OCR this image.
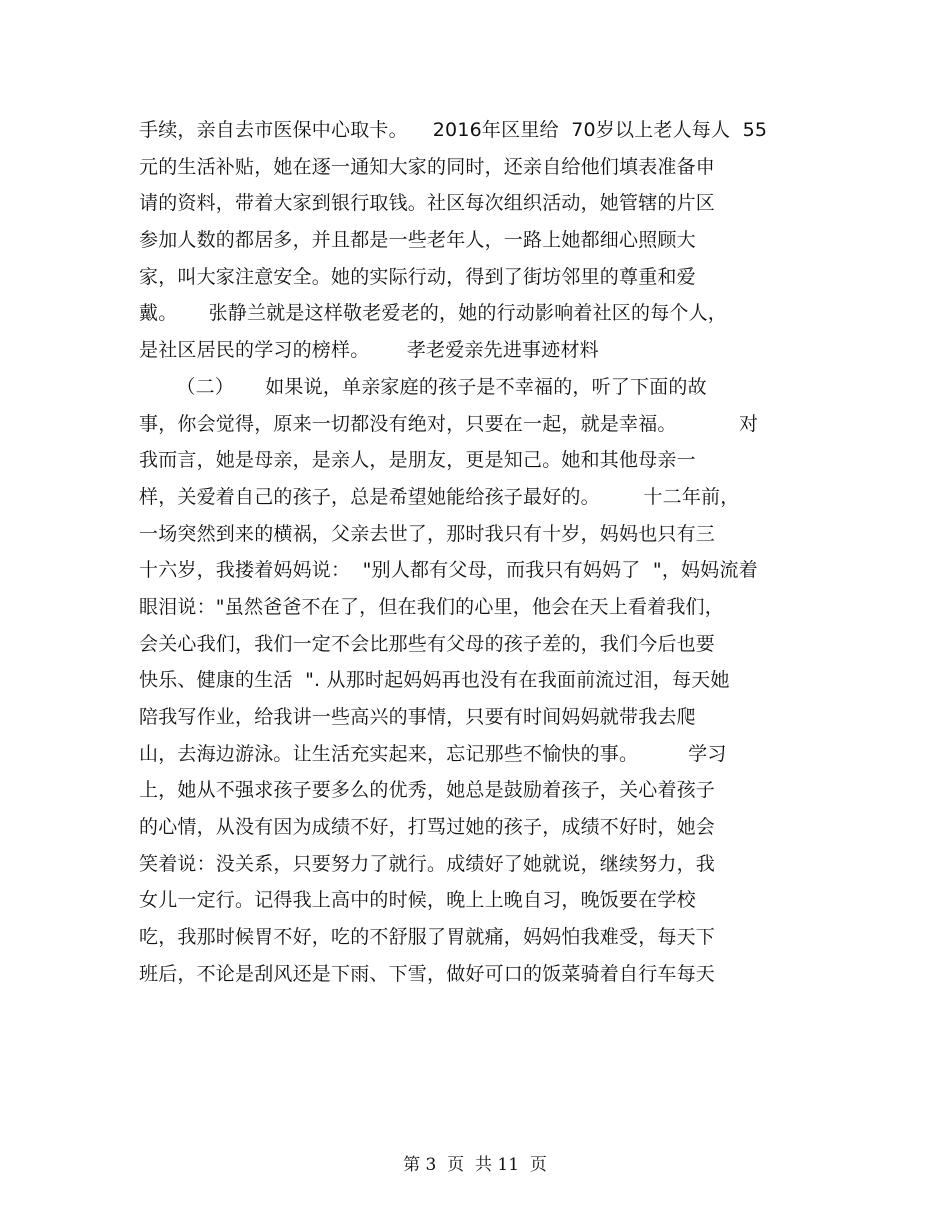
手续，亲自去市医保中心取卡。    2016年区里给  70岁以上老人每人  55
元的生活补贴，她在逐一通知大家的同时，还亲自给他们填表准备申
请的资料，带着大家到银行取钱。社区每次组织活动，她管辖的片区
参加人数的都居多，并且都是一些老年人，一路上她都细心照顾大
家，叫大家注意安全。她的实际行动，得到了街坊邻里的尊重和爱
戴。     张静兰就是这样敬老爱老的，她的行动影响着社区的每个人，
是社区居民的学习的榜样。      孝老爱亲先进事迹材料
（二）     如果说，单亲家庭的孩子是不幸福的，听了下面的故
事，你会觉得，原来一切都没有绝对，只要在一起，就是幸福。          对
我而言，她是母亲，是亲人，是朋友，更是知己。她和其他母亲一
样，关爱着自己的孩子，总是希望她能给孩子最好的。       十二年前，
一场突然到来的横祸，父亲去世了，那时我只有十岁，妈妈也只有三
十六岁，我搂着妈妈说：  "别人都有父母，而我只有妈妈了  "，妈妈流着
眼泪说："虽然爸爸不在了，但在我们的心里，他会在天上看着我们，
会关心我们，我们一定不会比那些有父母的孩子差的，我们今后也要
快乐、健康的生活  ". 从那时起妈妈再也没有在我面前流过泪，每天她
陪我写作业，给我讲一些高兴的事情，只要有时间妈妈就带我去爬
山，去海边游泳。让生活充实起来，忘记那些不愉快的事。        学习
上，她从不强求孩子要多么的优秀，她总是鼓励着孩子，关心着孩子
的心情，从没有因为成绩不好，打骂过她的孩子，成绩不好时，她会
笑着说：没关系，只要努力了就行。成绩好了她就说，继续努力，我
女儿一定行。记得我上高中的时候，晚上上晚自习，晚饭要在学校
吃，我那时候胃不好，吃的不舒服了胃就痛，妈妈怕我难受，每天下
班后，不论是刮风还是下雨、下雪，做好可口的饭菜骑着自行车每天
第 3  页  共 11  页
